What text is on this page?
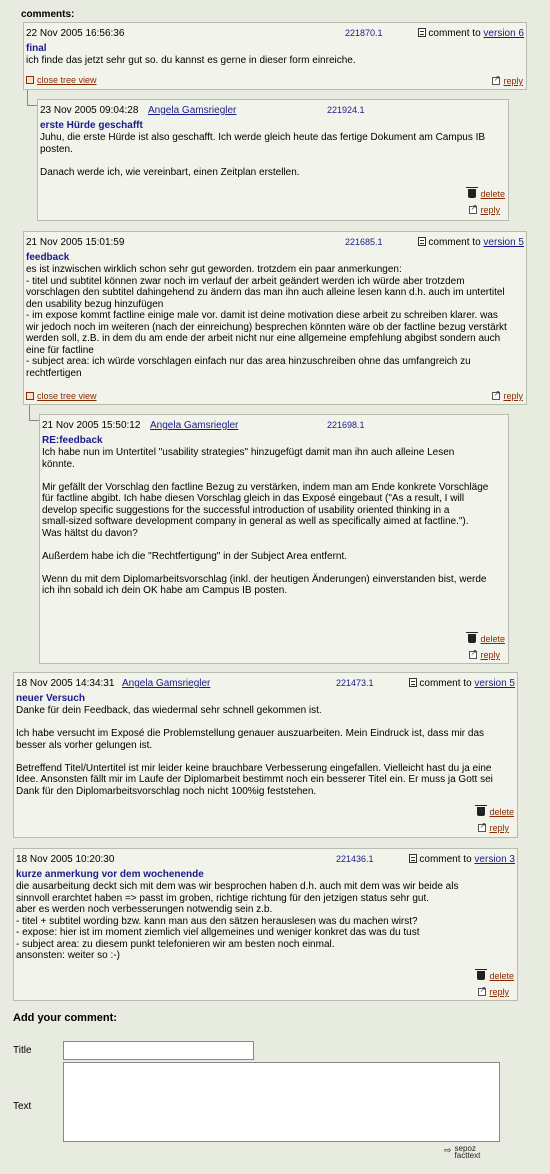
comments:
22 Nov 2005 16:56:36	221870.1	comment to version 6
final
ich finde das jetzt sehr gut so. du kannst es gerne in dieser form einreiche.
close tree view ↗	reply
23 Nov 2005 09:04:28 Angela Gamsriegler	221924.1
erste Hürde geschafft
Juhu, die erste Hürde ist also geschafft. Ich werde gleich heute das fertige Dokument am Campus IB
posten.

Danach werde ich, wie vereinbart, einen Zeitplan erstellen.
delete
↗reply
21 Nov 2005 15:01:59	221685.1	comment to version 5
feedback
es ist inzwischen wirklich schon sehr gut geworden. trotzdem ein paar anmerkungen:
- titel und subtitel können zwar noch im verlauf der arbeit geändert werden ich würde aber trotzdem
vorschlagen den subtitel dahingehend zu ändern das man ihn auch alleine lesen kann d.h. auch im untertitel
den usability bezug hinzufügen
- im expose kommt factline einige male vor. damit ist deine motivation diese arbeit zu schreiben klarer. was
wir jedoch noch im weiteren (nach der einreichung) besprechen könnten wäre ob der factline bezug verstärkt
werden soll, z.B. in dem du am ende der arbeit nicht nur eine allgemeine empfehlung abgibst sondern auch
eine für factline
- subject area: ich würde vorschlagen einfach nur das area hinzuschreiben ohne das umfangreich zu
rechtfertigen
close tree view ↗	reply
21 Nov 2005 15:50:12 Angela Gamsriegler	221698.1
RE:feedback
Ich habe nun im Untertitel "usability strategies" hinzugefügt damit man ihn auch alleine Lesen
könnte.

Mir gefällt der Vorschlag den factline Bezug zu verstärken, indem man am Ende konkrete Vorschläge
für factline abgibt. Ich habe diesen Vorschlag gleich in das Exposé eingebaut ("As a result, I will
develop specific suggestions for the successful introduction of usability oriented thinking in a
small-sized software development company in general as well as specifically aimed at factline.").
Was hältst du davon?

Außerdem habe ich die "Rechtfertigung" in der Subject Area entfernt.

Wenn du mit dem Diplomarbeitsvorschlag (inkl. der heutigen Änderungen) einverstanden bist, werde
ich ihn sobald ich dein OK habe am Campus IB posten.
delete
↗reply
18 Nov 2005 14:34:31 Angela Gamsriegler	221473.1	comment to version 5
neuer Versuch
Danke für dein Feedback, das wiedermal sehr schnell gekommen ist.

Ich habe versucht im Exposé die Problemstellung genauer auszuarbeiten. Mein Eindruck ist, dass mir das
besser als vorher gelungen ist.

Betreffend Titel/Untertitel ist mir leider keine brauchbare Verbesserung eingefallen. Vielleicht hast du ja eine
Idee. Ansonsten fällt mir im Laufe der Diplomarbeit bestimmt noch ein besserer Titel ein. Er muss ja Gott sei
Dank für den Diplomarbeitsvorschlag noch nicht 100%ig feststehen.
delete
↗reply
18 Nov 2005 10:20:30	221436.1	comment to version 3
kurze anmerkung vor dem wochenende
die ausarbeitung deckt sich mit dem was wir besprochen haben d.h. auch mit dem was wir beide als
sinnvoll erarchtet haben => passt im groben, richtige richtung für den jetzigen status sehr gut.
aber es werden noch verbesserungen notwendig sein z.b.
- titel + subtitel wording bzw. kann man aus den sätzen herauslesen was du machen wirst?
- expose: hier ist im moment ziemlich viel allgemeines und weniger konkret das was du tust
- subject area: zu diesem punkt telefonieren wir am besten noch einmal.
ansonsten: weiter so :-)
delete
↗reply
Add your comment:
Title
Text
⇨ sepoz
facttext
